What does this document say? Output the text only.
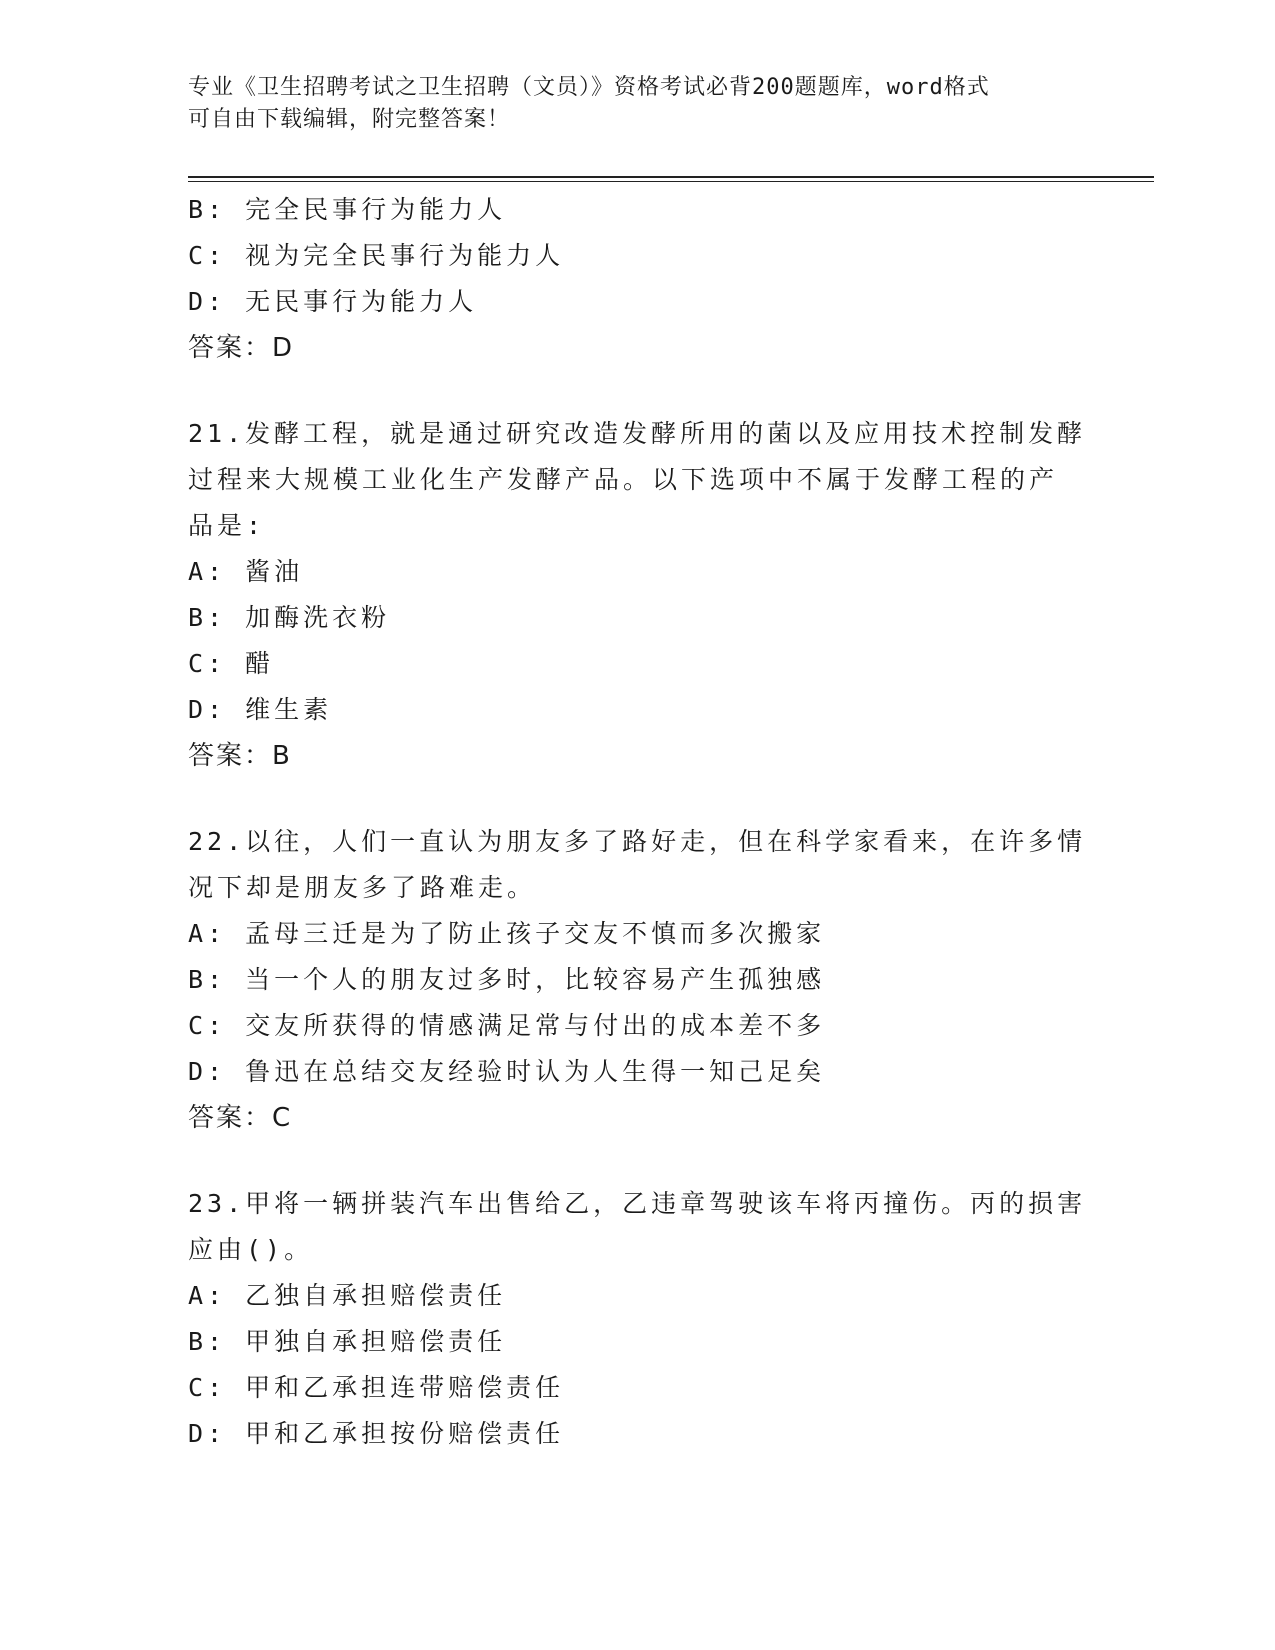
专业《卫生招聘考试之卫生招聘（文员）》资格考试必背200题题库，word格式
可自由下载编辑，附完整答案！
B: 完全民事行为能力人
C: 视为完全民事行为能力人
D: 无民事行为能力人
答案：D
21.发酵工程，就是通过研究改造发酵所用的菌以及应用技术控制发酵
过程来大规模工业化生产发酵产品。以下选项中不属于发酵工程的产
品是:
A: 酱油
B: 加酶洗衣粉
C: 醋
D: 维生素
答案：B
22.以往，人们一直认为朋友多了路好走，但在科学家看来，在许多情
况下却是朋友多了路难走。
A: 孟母三迁是为了防止孩子交友不慎而多次搬家
B: 当一个人的朋友过多时，比较容易产生孤独感
C: 交友所获得的情感满足常与付出的成本差不多
D: 鲁迅在总结交友经验时认为人生得一知己足矣
答案：C
23.甲将一辆拼装汽车出售给乙，乙违章驾驶该车将丙撞伤。丙的损害
应由()。
A: 乙独自承担赔偿责任
B: 甲独自承担赔偿责任
C: 甲和乙承担连带赔偿责任
D: 甲和乙承担按份赔偿责任
